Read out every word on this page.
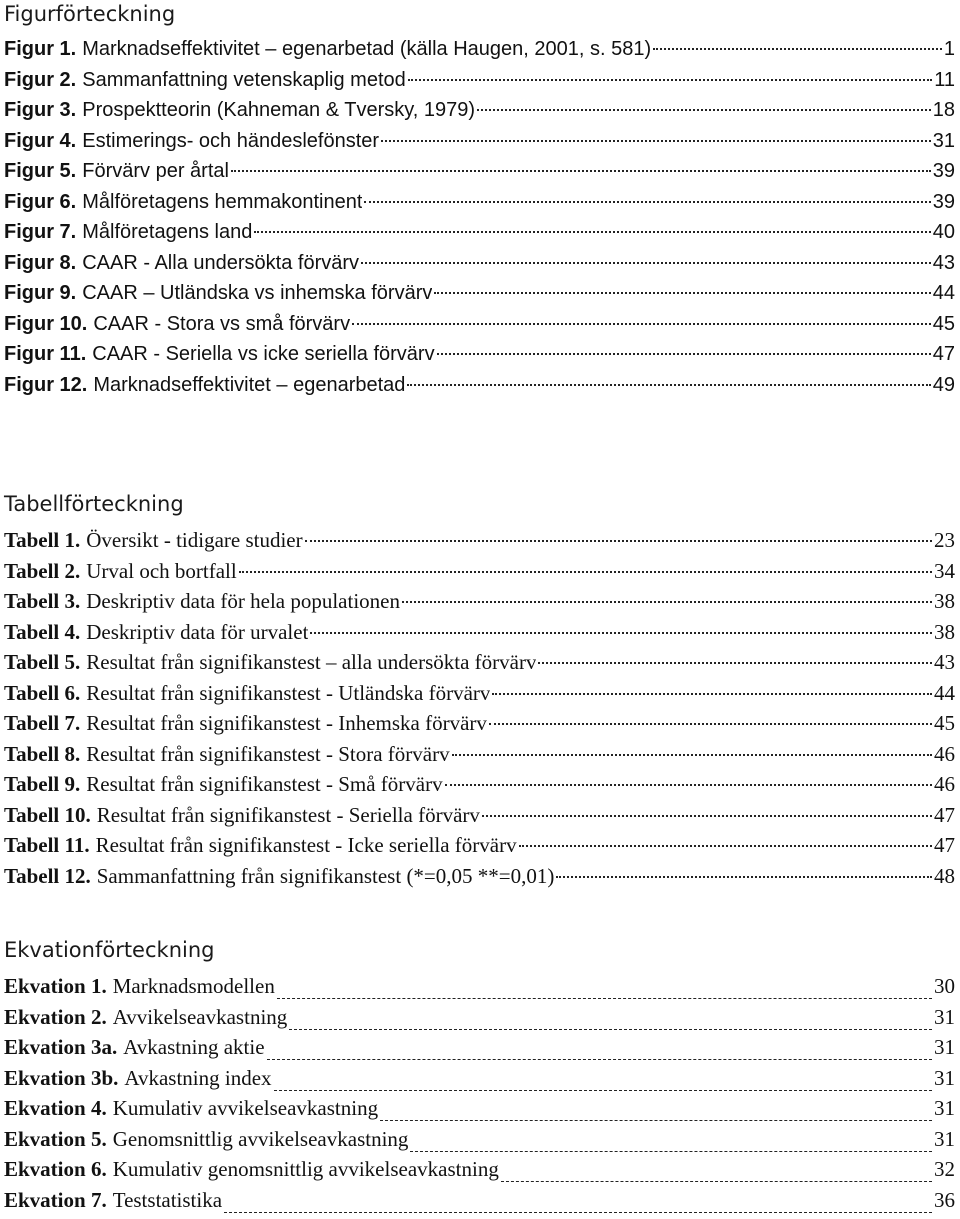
Figurförteckning
Figur 1. Marknadseffektivitet – egenarbetad (källa Haugen, 2001, s. 581)	1
Figur 2. Sammanfattning vetenskaplig metod	11
Figur 3. Prospektteorin (Kahneman & Tversky, 1979)	18
Figur 4. Estimerings- och händeslefönster	31
Figur 5. Förvärv per årtal	39
Figur 6. Målföretagens hemmakontinent	39
Figur 7. Målföretagens land	40
Figur 8. CAAR - Alla undersökta förvärv	43
Figur 9. CAAR – Utländska vs inhemska förvärv	44
Figur 10. CAAR - Stora vs små förvärv	45
Figur 11. CAAR - Seriella vs icke seriella förvärv	47
Figur 12. Marknadseffektivitet – egenarbetad	49
Tabellförteckning
Tabell 1. Översikt - tidigare studier	23
Tabell 2. Urval och bortfall	34
Tabell 3. Deskriptiv data för hela populationen	38
Tabell 4. Deskriptiv data för urvalet	38
Tabell 5. Resultat från signifikanstest – alla undersökta förvärv	43
Tabell 6. Resultat från signifikanstest - Utländska förvärv	44
Tabell 7. Resultat från signifikanstest - Inhemska förvärv	45
Tabell 8. Resultat från signifikanstest - Stora förvärv	46
Tabell 9. Resultat från signifikanstest - Små förvärv	46
Tabell 10. Resultat från signifikanstest - Seriella förvärv	47
Tabell 11. Resultat från signifikanstest - Icke seriella förvärv	47
Tabell 12. Sammanfattning från signifikanstest (*=0,05 **=0,01)	48
Ekvationförteckning
Ekvation 1. Marknadsmodellen	30
Ekvation 2. Avvikelseavkastning	31
Ekvation 3a. Avkastning aktie	31
Ekvation 3b. Avkastning index	31
Ekvation 4. Kumulativ avvikelseavkastning	31
Ekvation 5. Genomsnittlig avvikelseavkastning	31
Ekvation 6. Kumulativ genomsnittlig avvikelseavkastning	32
Ekvation 7. Teststatistika	36
